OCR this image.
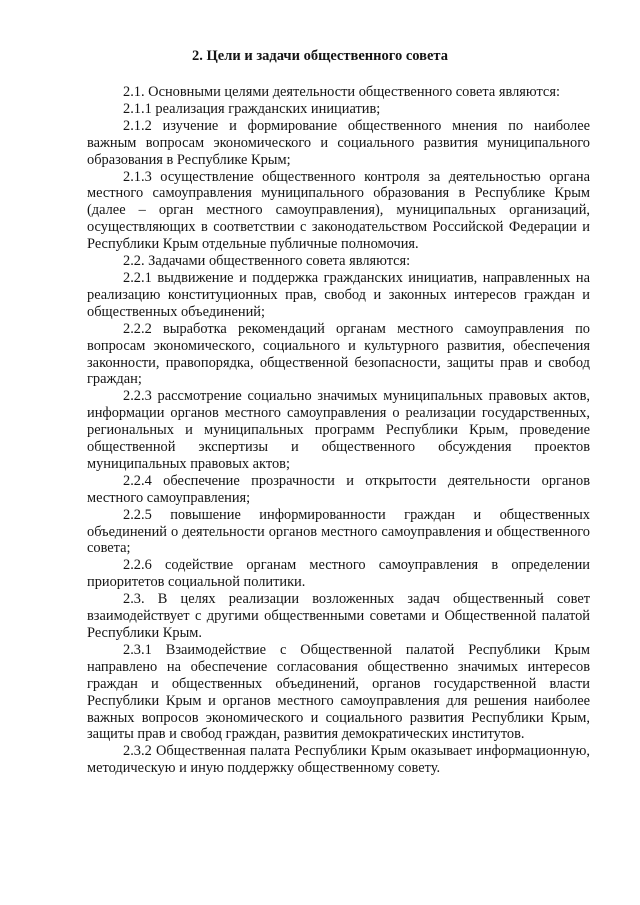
2. Цели и задачи общественного совета

2.1. Основными целями деятельности общественного совета являются:

2.1.1 реализация гражданских инициатив;

2.1.2 изучение и формирование общественного мнения по наиболее важным вопросам экономического и социального развития муниципального образования в Республике Крым;

2.1.3 осуществление общественного контроля за деятельностью органа местного самоуправления муниципального образования в Республике Крым (далее – орган местного самоуправления), муниципальных организаций, осуществляющих в соответствии с законодательством Российской Федерации и Республики Крым отдельные публичные полномочия.

2.2. Задачами общественного совета являются:

2.2.1 выдвижение и поддержка гражданских инициатив, направленных на реализацию конституционных прав, свобод и законных интересов граждан и общественных объединений;

2.2.2 выработка рекомендаций органам местного самоуправления по вопросам экономического, социального и культурного развития, обеспечения законности, правопорядка, общественной безопасности, защиты прав и свобод граждан;

2.2.3 рассмотрение социально значимых муниципальных правовых актов, информации органов местного самоуправления о реализации государственных, региональных и муниципальных программ Республики Крым, проведение общественной экспертизы и общественного обсуждения проектов муниципальных правовых актов;

2.2.4 обеспечение прозрачности и открытости деятельности органов местного самоуправления;

2.2.5 повышение информированности граждан и общественных объединений о деятельности органов местного самоуправления и общественного совета;

2.2.6 содействие органам местного самоуправления в определении приоритетов социальной политики.

2.3. В целях реализации возложенных задач общественный совет взаимодействует с другими общественными советами и Общественной палатой Республики Крым.

2.3.1 Взаимодействие с Общественной палатой Республики Крым направлено на обеспечение согласования общественно значимых интересов граждан и общественных объединений, органов государственной власти Республики Крым и органов местного самоуправления для решения наиболее важных вопросов экономического и социального развития Республики Крым, защиты прав и свобод граждан, развития демократических институтов.

2.3.2 Общественная палата Республики Крым оказывает информационную, методическую и иную поддержку общественному совету.
